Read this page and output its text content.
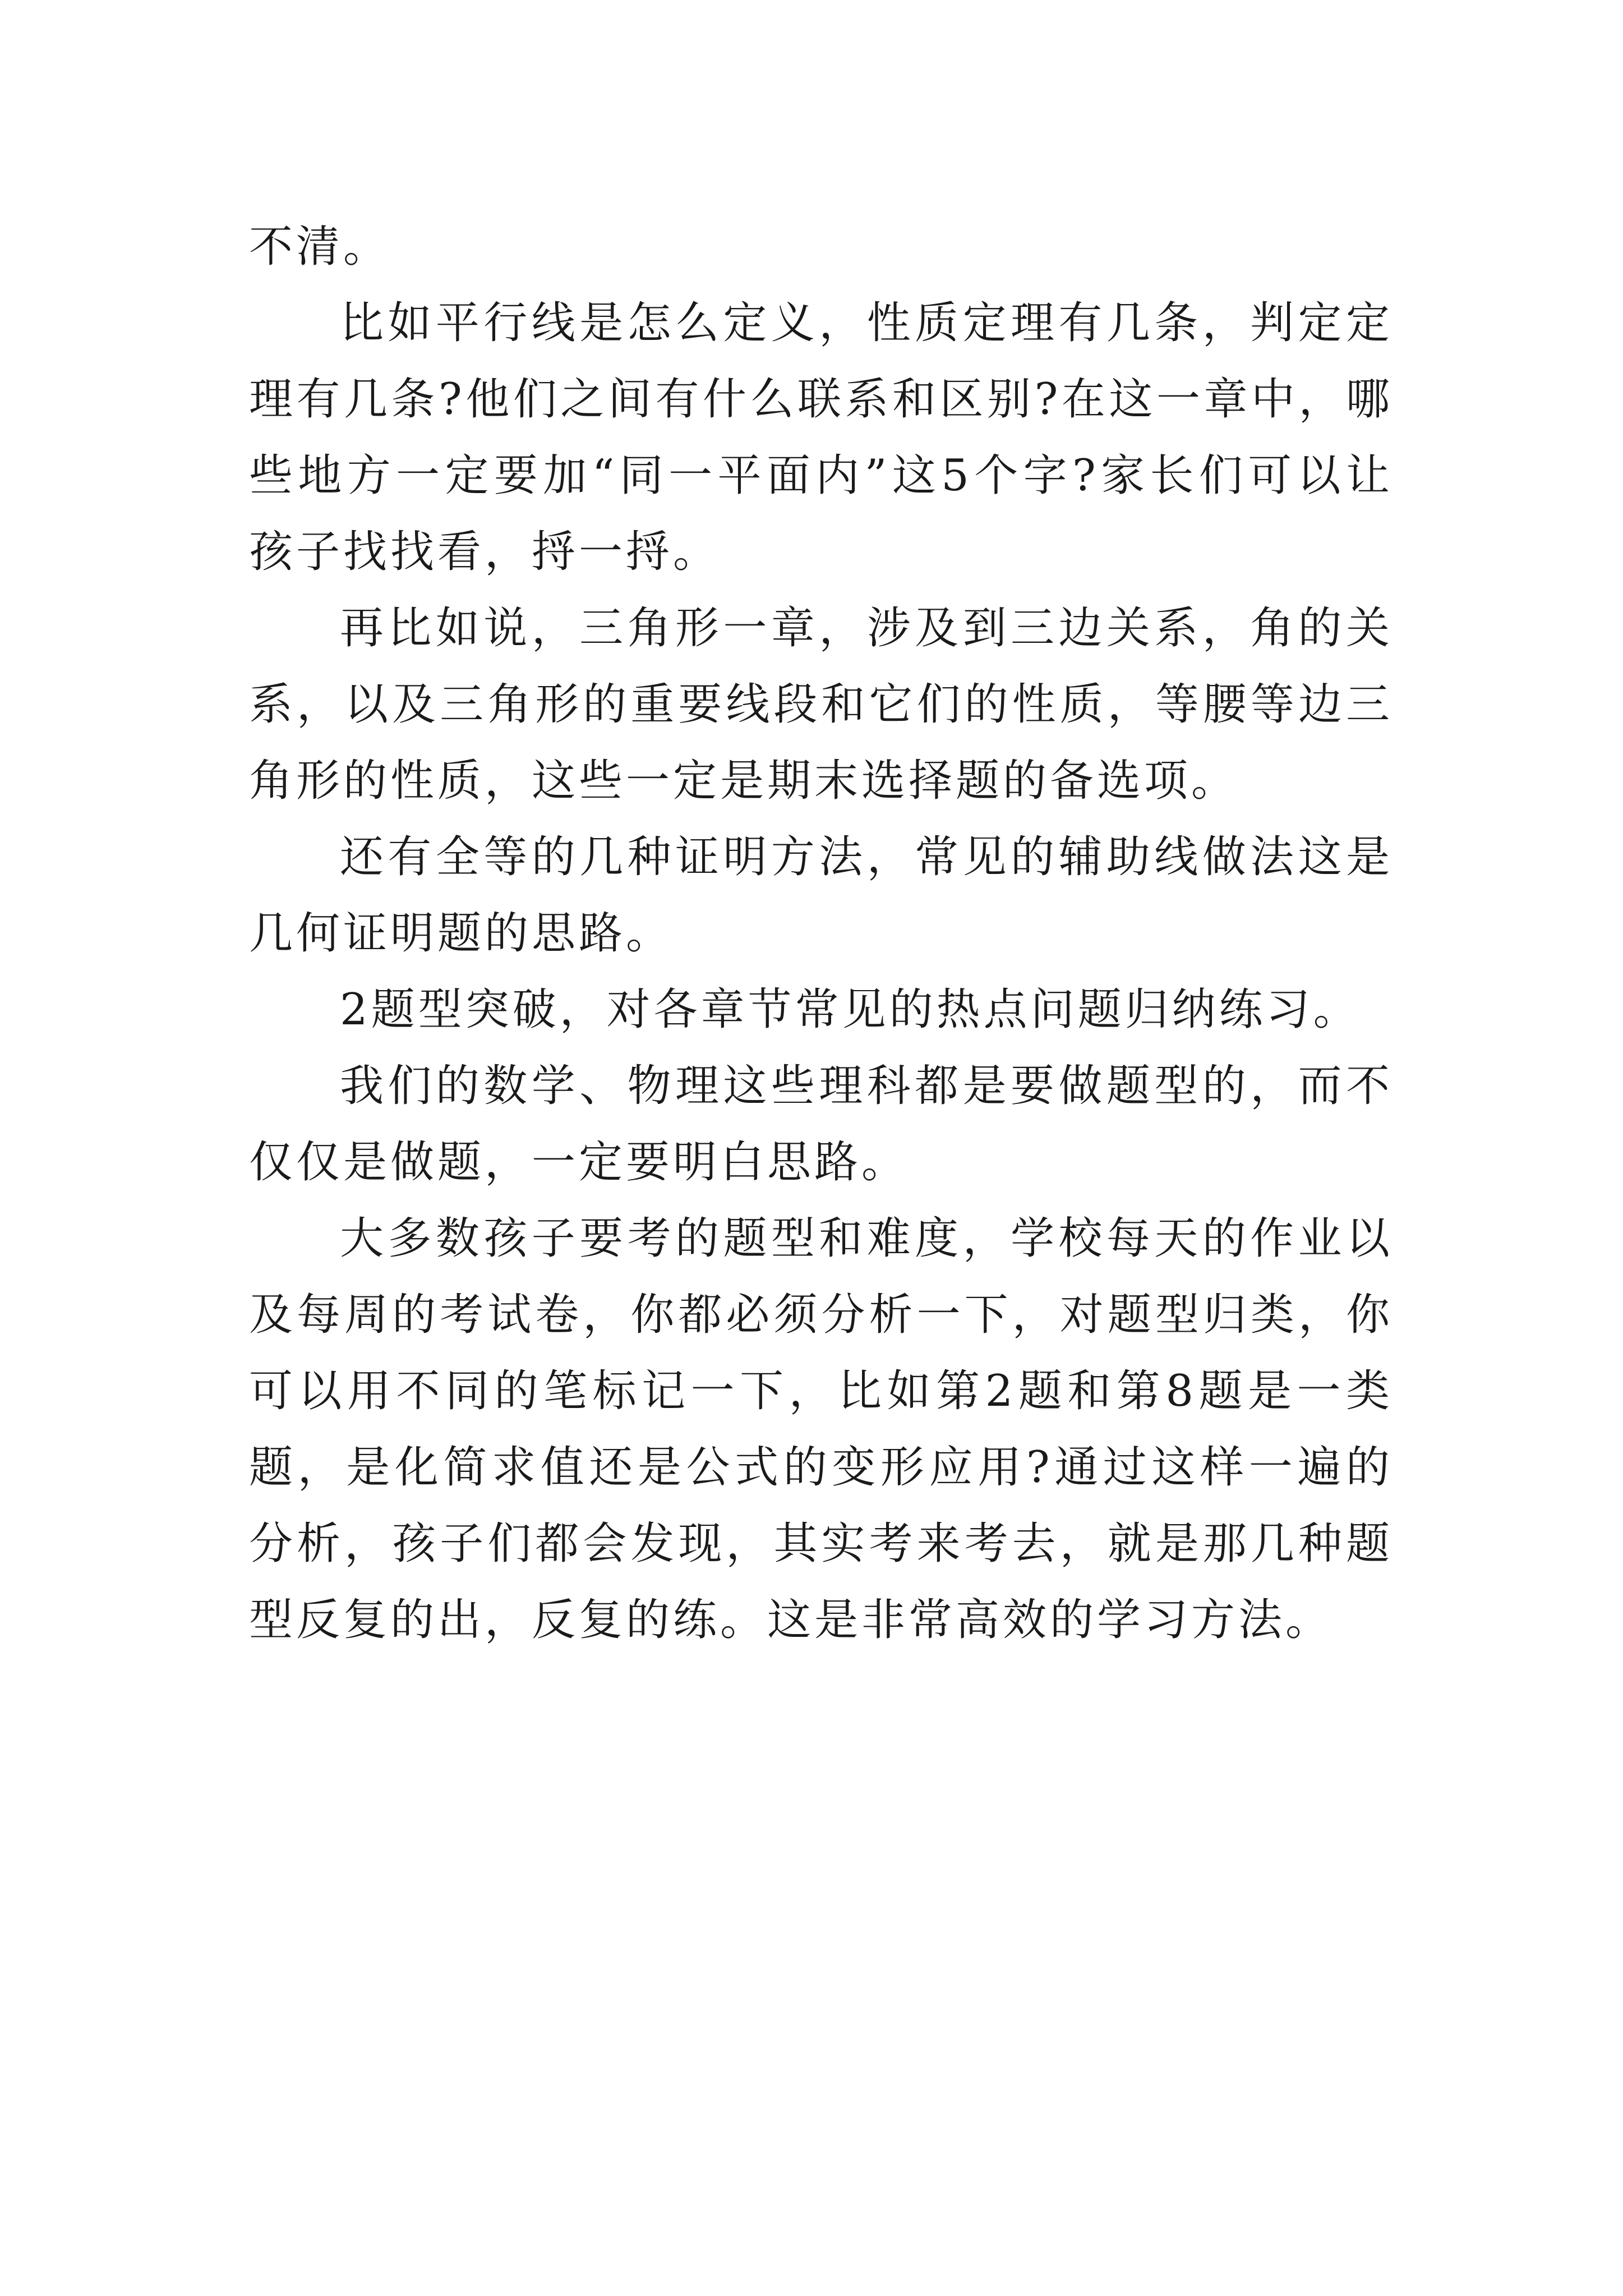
不清。

比如平行线是怎么定义，性质定理有几条，判定定理有几条?他们之间有什么联系和区别?在这一章中，哪些地方一定要加“同一平面内”这5个字?家长们可以让孩子找找看，捋一捋。

再比如说，三角形一章，涉及到三边关系，角的关系，以及三角形的重要线段和它们的性质，等腰等边三角形的性质，这些一定是期末选择题的备选项。

还有全等的几种证明方法，常见的辅助线做法这是几何证明题的思路。

2题型突破，对各章节常见的热点问题归纳练习。

我们的数学、物理这些理科都是要做题型的，而不仅仅是做题，一定要明白思路。

大多数孩子要考的题型和难度，学校每天的作业以及每周的考试卷，你都必须分析一下，对题型归类，你可以用不同的笔标记一下，比如第2题和第8题是一类题，是化简求值还是公式的变形应用?通过这样一遍的分析，孩子们都会发现，其实考来考去，就是那几种题型反复的出，反复的练。这是非常高效的学习方法。
